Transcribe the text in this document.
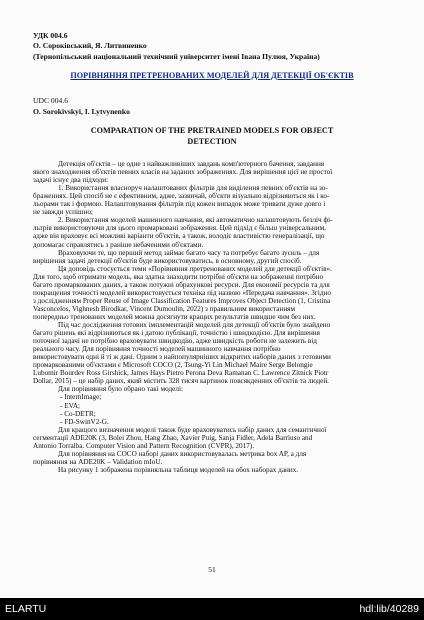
УДК 004.6
О. Сороківський, Я. Литвиненко
(Тернопільський національний технічний університет імені Івана Пулюя, Україна)
ПОРІВНЯННЯ ПРЕТРЕНОВАНИХ МОДЕЛЕЙ ДЛЯ ДЕТЕКЦІЇ ОБ'ЄКТІВ
UDC 004.6
O. Sorokivskyi, I. Lytvynenko
COMPARATION OF THE PRETRAINED MODELS FOR OBJECT
DETECTION
Детекція об'єктів – це одне з найважливіших завдань комп'ютерного бачення, завдання
якого знаходження об'єктів певних класів на заданих зображеннях. Для вирішення цієї не простої
задачі існує два підходи:
1. Використання власноруч налаштованих фільтрів для виділення певних об'єктів на зо-
браженнях. Цей спосіб не є ефективним, адже, зазвичай, об'єкти візуально відрізняються як і ко-
льорами так і формою. Налаштовування фільтрів під кожен випадок може тривати дуже довго і
не завжди успішно;
2. Використання моделей машинного навчання, які автоматично налаштовують безліч фі-
льтрів використовуючи для цього промарковані зображення. Цей підхід є більш універсальним,
адже він враховує всі можливі варіанти об'єктів, а також, володіє властивістю генералізації, що
допомагає справлятись з раніше небаченими об'єктами.
Враховуючи те, що перший метод займає багато часу та потребує багато зусиль – для
вирішення задачі детекції об'єктів буде використовуватись, в основному, другий спосіб.
Ця доповідь стосується теми «Порівняння претренованих моделей для детекції об'єктів».
Для того, щоб отримати модель, яка здатна знаходити потрібні об'єкти на зображенні потрібно
багато промаркованих даних, а також потужні обрахункові ресурси. Для економії ресурсів та для
покращення точності моделей використовується техніка під назвою «Передача навчання». Згідно
з дослідженням Proper Reuse of Image Classification Features Improves Object Detection (1, Cristina
Vasconcelos, Vighnesh Birodkar, Vincent Dumoulin, 2022) з правильним використанням
попередньо тренованих моделей можна досягнути кращих результатів швидше чим без них.
Під час дослідження готових імплементацій моделей для детекції об'єктів було знайдено
багато рішень які відрізняються як і датою публікації, точністю і швидкодією. Для вирішення
поточної задачі не потрібно враховувати швидкодію, адже швидкість роботи не залежить від
реального часу. Для порівняння точності моделей машинного навчання потрібно
використовувати одні й ті ж дані. Одним з найпопулярніших відкритих наборів даних з готовими
промаркованими об'єктами є Microsoft COCO (2, Tsung-Yi Lin Michael Maire Serge Belongie
Lubomir Bourdev Ross Girshick, James Hays Pietro Perona Deva Ramanan C. Lawrence Zitnick Piotr
Dollar, 2015) – це набір даних, який містить 328 тисяч картинок повсякденних об'єктів та людей.
Для порівняння було обрано такі моделі:
- InternImage;
- EVA;
- Co-DETR;
- FD-SwinV2-G.
Для кращого визначення моделі також буде враховуватись набір даних для семантичної
сегментації ADE20K (3, Bolei Zhou, Hang Zhao, Xavier Puig, Sanja Fidler, Adela Barriuso and
Antonio Torralba. Computer Vision and Pattern Recognition (CVPR), 2017).
Для порівняння на COCO наборі даних використовувалась метрика box AP, а для
порівняння на ADE20K – Validation mIoU.
На рисунку 1 зображена порівняльна таблиця моделей на обох наборах даних.
51
ELARTU	hdl:lib/40289
